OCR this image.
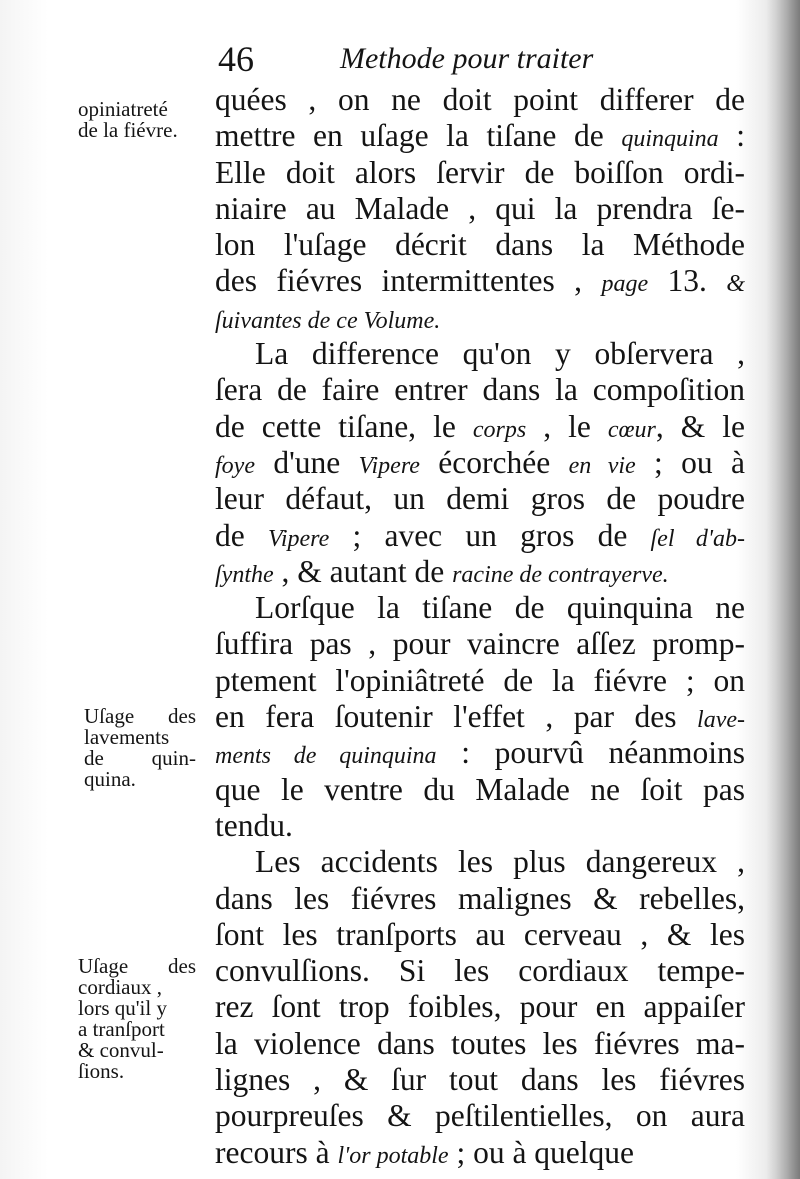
46	Methode pour traiter
opiniatreté
de la fiévre.
Uſage des
lavements
de quin-
quina.
Uſage des
cordiaux ,
lors qu'il y
a tranſport
& convul-
ſions.
quées , on ne doit point differer de
mettre en uſage la tiſane de quinquina :
Elle doit alors ſervir de boiſſon ordi-
niaire au Malade , qui la prendra ſe-
lon l'uſage décrit dans la Méthode
des fiévres intermittentes , page 13. &
ſuivantes de ce Volume.
La difference qu'on y obſervera ,
ſera de faire entrer dans la compoſition
de cette tiſane, le corps , le cœur, & le
foye d'une Vipere écorchée en vie ; ou à
leur défaut, un demi gros de poudre
de Vipere ; avec un gros de ſel d'ab-
ſynthe , & autant de racine de contrayerve.
Lorſque la tiſane de quinquina ne
ſuffira pas , pour vaincre aſſez promp-
ptement l'opiniâtreté de la fiévre ; on
en fera ſoutenir l'effet , par des lave-
ments de quinquina : pourvû néanmoins
que le ventre du Malade ne ſoit pas
tendu.
Les accidents les plus dangereux ,
dans les fiévres malignes & rebelles,
ſont les tranſports au cerveau , & les
convulſions. Si les cordiaux tempe-
rez ſont trop foibles, pour en appaiſer
la violence dans toutes les fiévres ma-
lignes , & ſur tout dans les fiévres
pourpreuſes & peſtilentielles, on aura
recours à l'or potable ; ou à quelque
